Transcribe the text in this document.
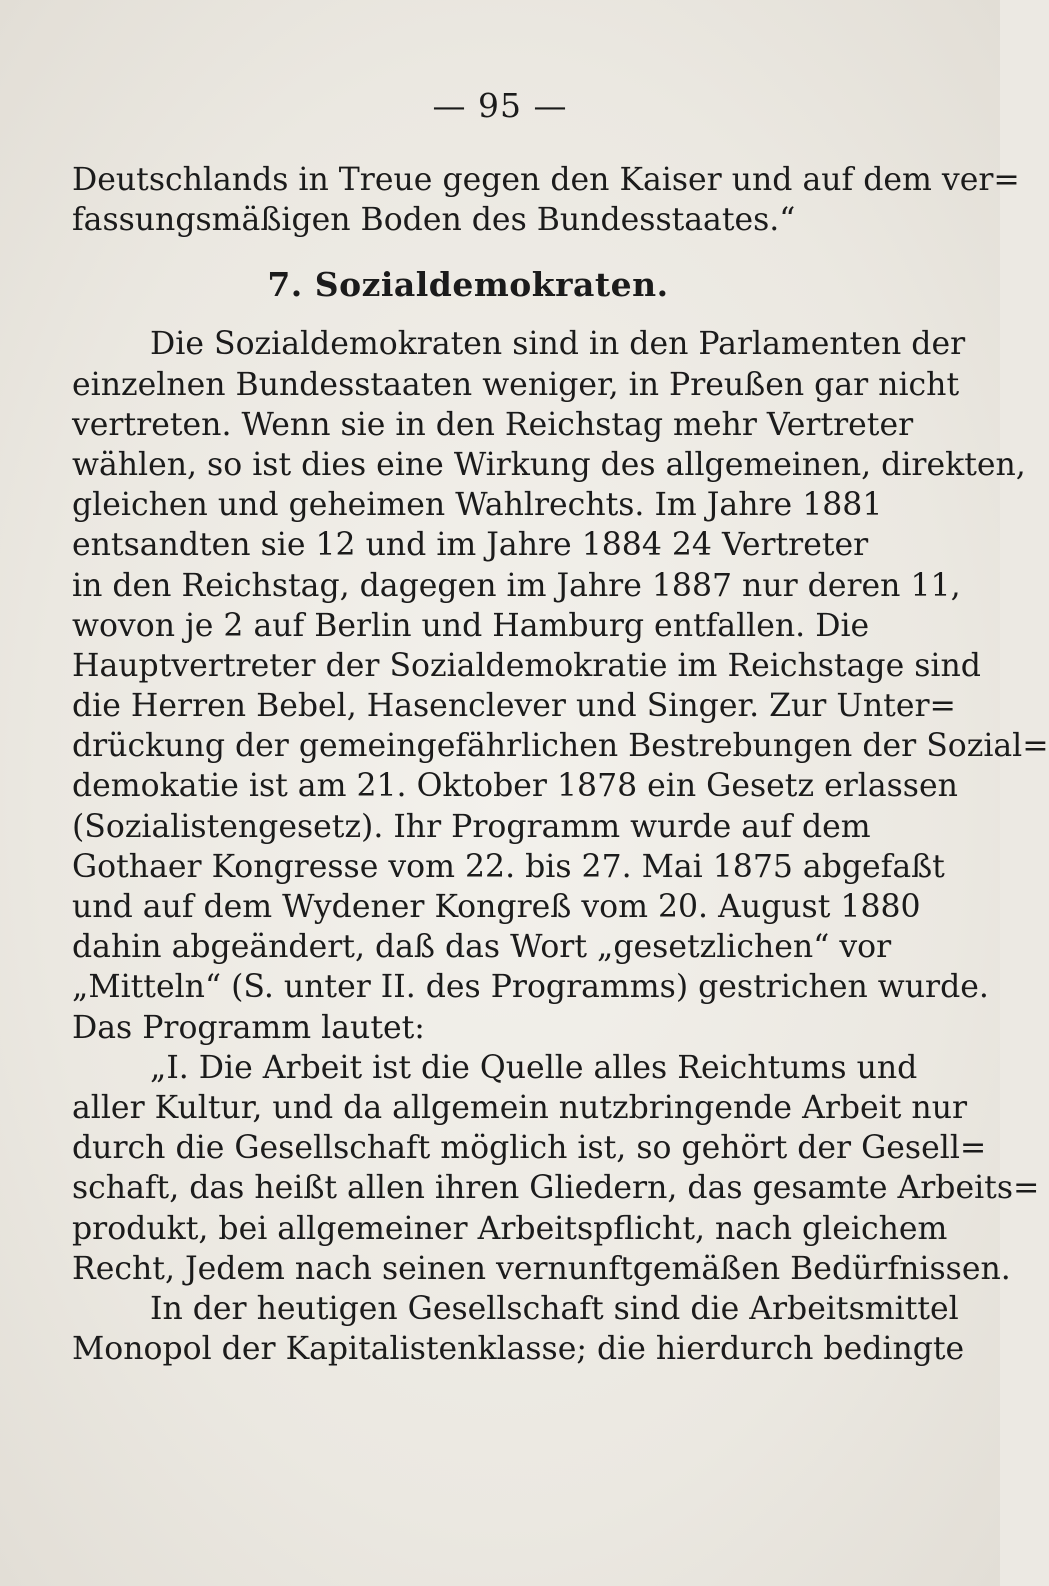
— 95 —
Deutschlands in Treue gegen den Kaiser und auf dem ver=
fassungsmäßigen Boden des Bundesstaates.“
7. Sozialdemokraten.
Die Sozialdemokraten sind in den Parlamenten der
einzelnen Bundesstaaten weniger, in Preußen gar nicht
vertreten. Wenn sie in den Reichstag mehr Vertreter
wählen, so ist dies eine Wirkung des allgemeinen, direkten,
gleichen und geheimen Wahlrechts. Im Jahre 1881
entsandten sie 12 und im Jahre 1884 24 Vertreter
in den Reichstag, dagegen im Jahre 1887 nur deren 11,
wovon je 2 auf Berlin und Hamburg entfallen. Die
Hauptvertreter der Sozialdemokratie im Reichstage sind
die Herren Bebel, Hasenclever und Singer. Zur Unter=
drückung der gemeingefährlichen Bestrebungen der Sozial=
demokatie ist am 21. Oktober 1878 ein Gesetz erlassen
(Sozialistengesetz). Ihr Programm wurde auf dem
Gothaer Kongresse vom 22. bis 27. Mai 1875 abgefaßt
und auf dem Wydener Kongreß vom 20. August 1880
dahin abgeändert, daß das Wort „gesetzlichen“ vor
„Mitteln“ (S. unter II. des Programms) gestrichen wurde.
Das Programm lautet:
„I. Die Arbeit ist die Quelle alles Reichtums und
aller Kultur, und da allgemein nutzbringende Arbeit nur
durch die Gesellschaft möglich ist, so gehört der Gesell=
schaft, das heißt allen ihren Gliedern, das gesamte Arbeits=
produkt, bei allgemeiner Arbeitspflicht, nach gleichem
Recht, Jedem nach seinen vernunftgemäßen Bedürfnissen.
In der heutigen Gesellschaft sind die Arbeitsmittel
Monopol der Kapitalistenklasse; die hierdurch bedingte
